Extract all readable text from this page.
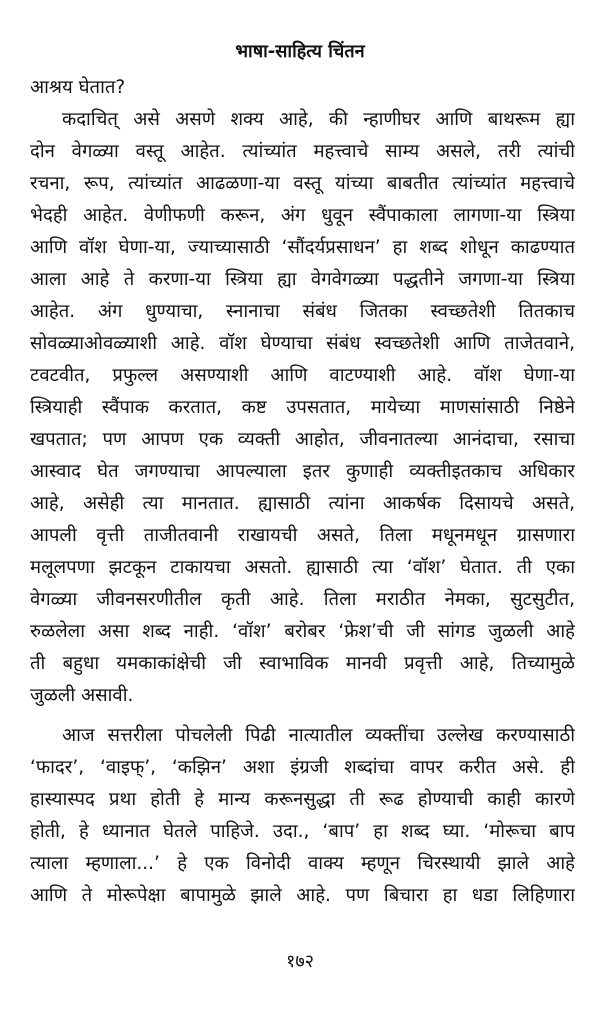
भाषा-साहित्य चिंतन
आश्रय घेतात?
कदाचित् असे असणे शक्य आहे, की न्हाणीघर आणि बाथरूम ह्या
दोन वेगळ्या वस्तू आहेत. त्यांच्यांत महत्त्वाचे साम्य असले, तरी त्यांची
रचना, रूप, त्यांच्यांत आढळणा-या वस्तू यांच्या बाबतीत त्यांच्यांत महत्त्वाचे
भेदही आहेत. वेणीफणी करून, अंग धुवून स्वैंपाकाला लागणा-या स्त्रिया
आणि वॉश घेणा-या, ज्याच्यासाठी ‘सौंदर्यप्रसाधन’ हा शब्द शोधून काढण्यात
आला आहे ते करणा-या स्त्रिया ह्या वेगवेगळ्या पद्धतीने जगणा-या स्त्रिया
आहेत. अंग धुण्याचा, स्नानाचा संबंध जितका स्वच्छतेशी तितकाच
सोवळ्याओवळ्याशी आहे. वॉश घेण्याचा संबंध स्वच्छतेशी आणि ताजेतवाने,
टवटवीत, प्रफुल्ल असण्याशी आणि वाटण्याशी आहे. वॉश घेणा-या
स्त्रियाही स्वैंपाक करतात, कष्ट उपसतात, मायेच्या माणसांसाठी निष्ठेने
खपतात; पण आपण एक व्यक्ती आहोत, जीवनातल्या आनंदाचा, रसाचा
आस्वाद घेत जगण्याचा आपल्याला इतर कुणाही व्यक्तीइतकाच अधिकार
आहे, असेही त्या मानतात. ह्यासाठी त्यांना आकर्षक दिसायचे असते,
आपली वृत्ती ताजीतवानी राखायची असते, तिला मधूनमधून ग्रासणारा
मलूलपणा झटकून टाकायचा असतो. ह्यासाठी त्या ‘वॉश’ घेतात. ती एका
वेगळ्या जीवनसरणीतील कृती आहे. तिला मराठीत नेमका, सुटसुटीत,
रुळलेला असा शब्द नाही. ‘वॉश’ बरोबर ‘फ्रेश’ची जी सांगड जुळली आहे
ती बहुधा यमकाकांक्षेची जी स्वाभाविक मानवी प्रवृत्ती आहे, तिच्यामुळे
जुळली असावी.
आज सत्तरीला पोचलेली पिढी नात्यातील व्यक्तींचा उल्लेख करण्यासाठी
‘फादर’, ‘वाइफ्’, ‘कझिन’ अशा इंग्रजी शब्दांचा वापर करीत असे. ही
हास्यास्पद प्रथा होती हे मान्य करूनसुद्धा ती रूढ होण्याची काही कारणे
होती, हे ध्यानात घेतले पाहिजे. उदा., ‘बाप’ हा शब्द घ्या. ‘मोरूचा बाप
त्याला म्हणाला...’ हे एक विनोदी वाक्य म्हणून चिरस्थायी झाले आहे
आणि ते मोरूपेक्षा बापामुळे झाले आहे. पण बिचारा हा धडा लिहिणारा
१७२
